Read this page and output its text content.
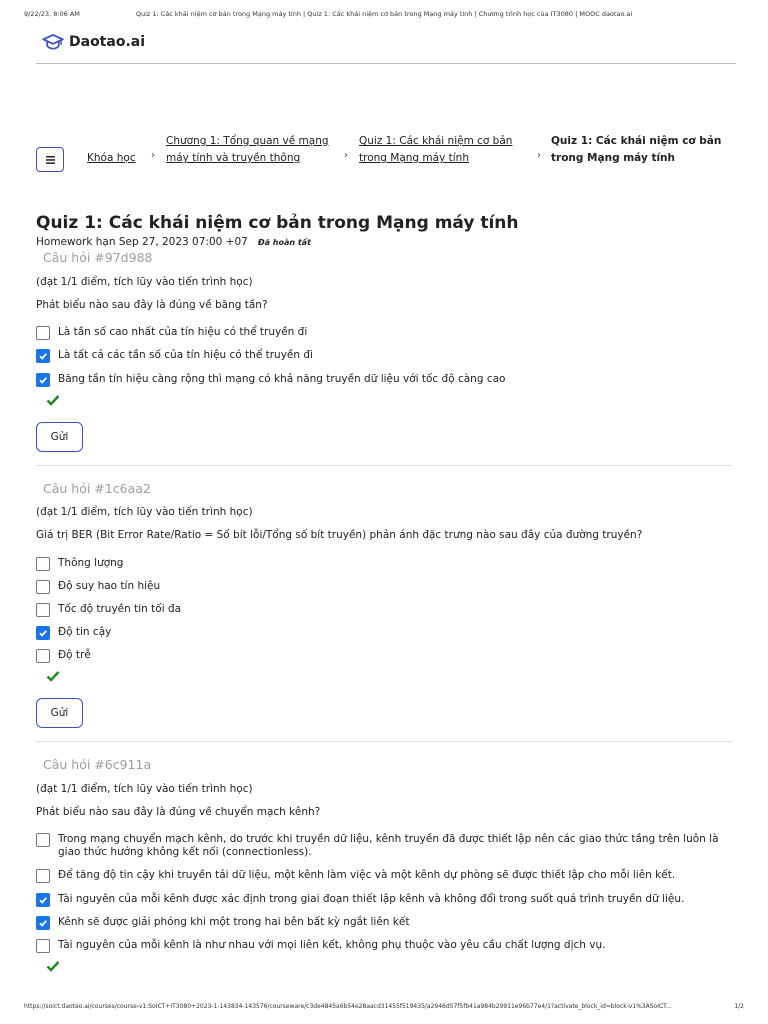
9/22/23, 8:06 AM	Quiz 1: Các khái niệm cơ bản trong Mạng máy tính | Quiz 1: Các khái niệm cơ bản trong Mạng máy tính | Chương trình học của IT3080 | MOOC daotao.ai
Daotao.ai
Khóa học ›
Chương 1: Tổng quan về mạng
máy tính và truyền thông	›
Quiz 1: Các khái niệm cơ bản
trong Mạng máy tính	›
Quiz 1: Các khái niệm cơ bản
trong Mạng máy tính
Quiz 1: Các khái niệm cơ bản trong Mạng máy tính
Homework hạn Sep 27, 2023 07:00 +07 Đã hoàn tất
Câu hỏi #97d988
(đạt 1/1 điểm, tích lũy vào tiến trình học)
Phát biểu nào sau đây là đúng về băng tần?
Là tần số cao nhất của tín hiệu có thể truyền đi
Là tất cả các tần số của tín hiệu có thể truyền đi
Băng tần tín hiệu càng rộng thì mạng có khả năng truyền dữ liệu với tốc độ càng cao
Gửi
Câu hỏi #1c6aa2
(đạt 1/1 điểm, tích lũy vào tiến trình học)
Giá trị BER (Bit Error Rate/Ratio = Số bít lỗi/Tổng số bít truyền) phản ánh đặc trưng nào sau đây của đường truyền?
Thông lượng
Độ suy hao tín hiệu
Tốc độ truyền tin tối đa
Độ tin cậy
Độ trễ
Gửi
Câu hỏi #6c911a
(đạt 1/1 điểm, tích lũy vào tiến trình học)
Phát biểu nào sau đây là đúng về chuyển mạch kênh?
Trong mạng chuyển mạch kênh, do trước khi truyền dữ liệu, kênh truyền đã được thiết lập nên các giao thức tầng trên luôn là giao thức hướng không kết nối (connectionless).
Để tăng độ tin cậy khi truyền tải dữ liệu, một kênh làm việc và một kênh dự phòng sẽ được thiết lập cho mỗi liên kết.
Tài nguyên của mỗi kênh được xác định trong giai đoạn thiết lập kênh và không đổi trong suốt quá trình truyền dữ liệu.
Kênh sẽ được giải phóng khi một trong hai bên bất kỳ ngắt liên kết
Tài nguyên của mỗi kênh là như nhau với mọi liên kết, không phụ thuộc vào yêu cầu chất lượng dịch vụ.
https://soict.daotao.ai/courses/course-v1:SoICT+IT3080+2023-1-143834-143576/courseware/c3de4845a6b54e28aacd31455f519435/a2946d57f5fb41a984b29911e96b77e4/1?activate_block_id=block-v1%3ASoICT...	1/2
